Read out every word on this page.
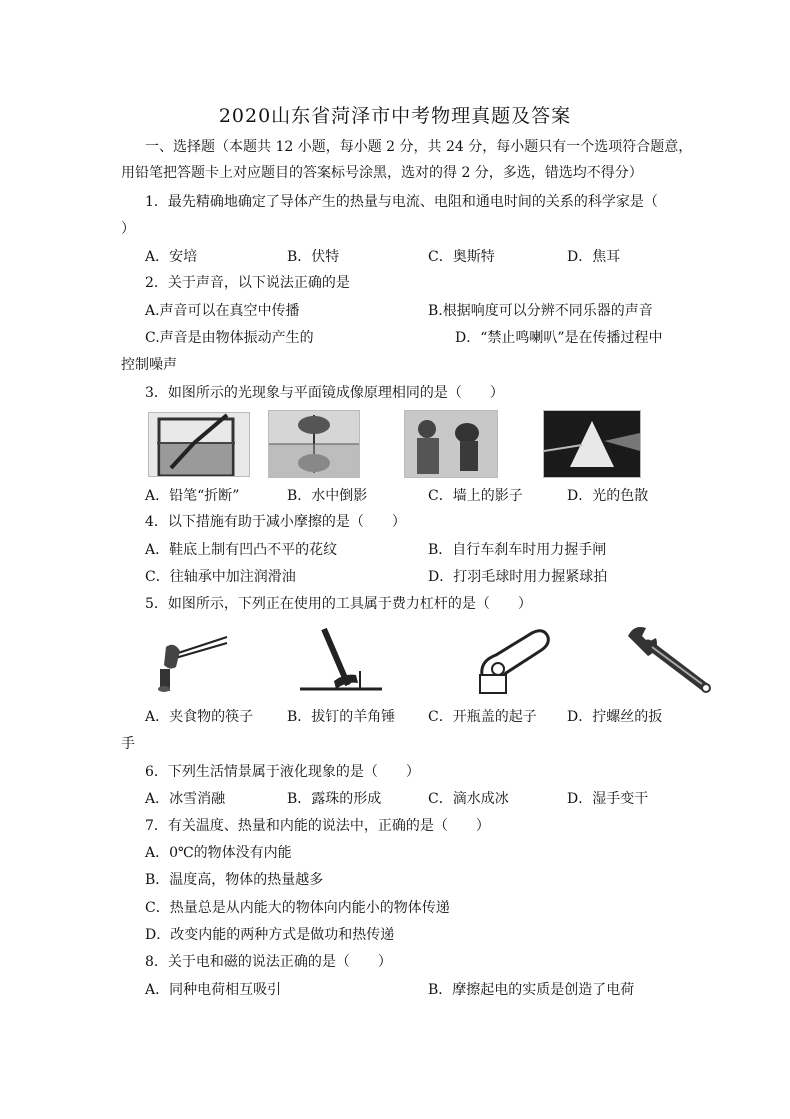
2020山东省菏泽市中考物理真题及答案
一、选择题（本题共 12 小题，每小题 2 分，共 24 分，每小题只有一个选项符合题意，
用铅笔把答题卡上对应题目的答案标号涂黑，选对的得 2 分，多选，错选均不得分）
1．最先精确地确定了导体产生的热量与电流、电阻和通电时间的关系的科学家是（
）
A．安培	B．伏特	C．奥斯特	D．焦耳
2．关于声音，以下说法正确的是
A.声音可以在真空中传播	B.根据响度可以分辨不同乐器的声音
C.声音是由物体振动产生的	D．“禁止鸣喇叭”是在传播过程中
控制噪声
3．如图所示的光现象与平面镜成像原理相同的是（　　）
A．铅笔“折断”	B．水中倒影	C．墙上的影子	D．光的色散
4．以下措施有助于减小摩擦的是（　　）
A．鞋底上制有凹凸不平的花纹	B．自行车刹车时用力握手闸
C．往轴承中加注润滑油	D．打羽毛球时用力握紧球拍
5．如图所示，下列正在使用的工具属于费力杠杆的是（　　）
A．夹食物的筷子 B．拔钉的羊角锤 C．开瓶盖的起子 D．拧螺丝的扳
手
6．下列生活情景属于液化现象的是（　　）
A．冰雪消融	B．露珠的形成	C．滴水成冰	D．湿手变干
7．有关温度、热量和内能的说法中，正确的是（　　）
A．0℃的物体没有内能
B．温度高，物体的热量越多
C．热量总是从内能大的物体向内能小的物体传递
D．改变内能的两种方式是做功和热传递
8．关于电和磁的说法正确的是（　　）
A．同种电荷相互吸引	B．摩擦起电的实质是创造了电荷
